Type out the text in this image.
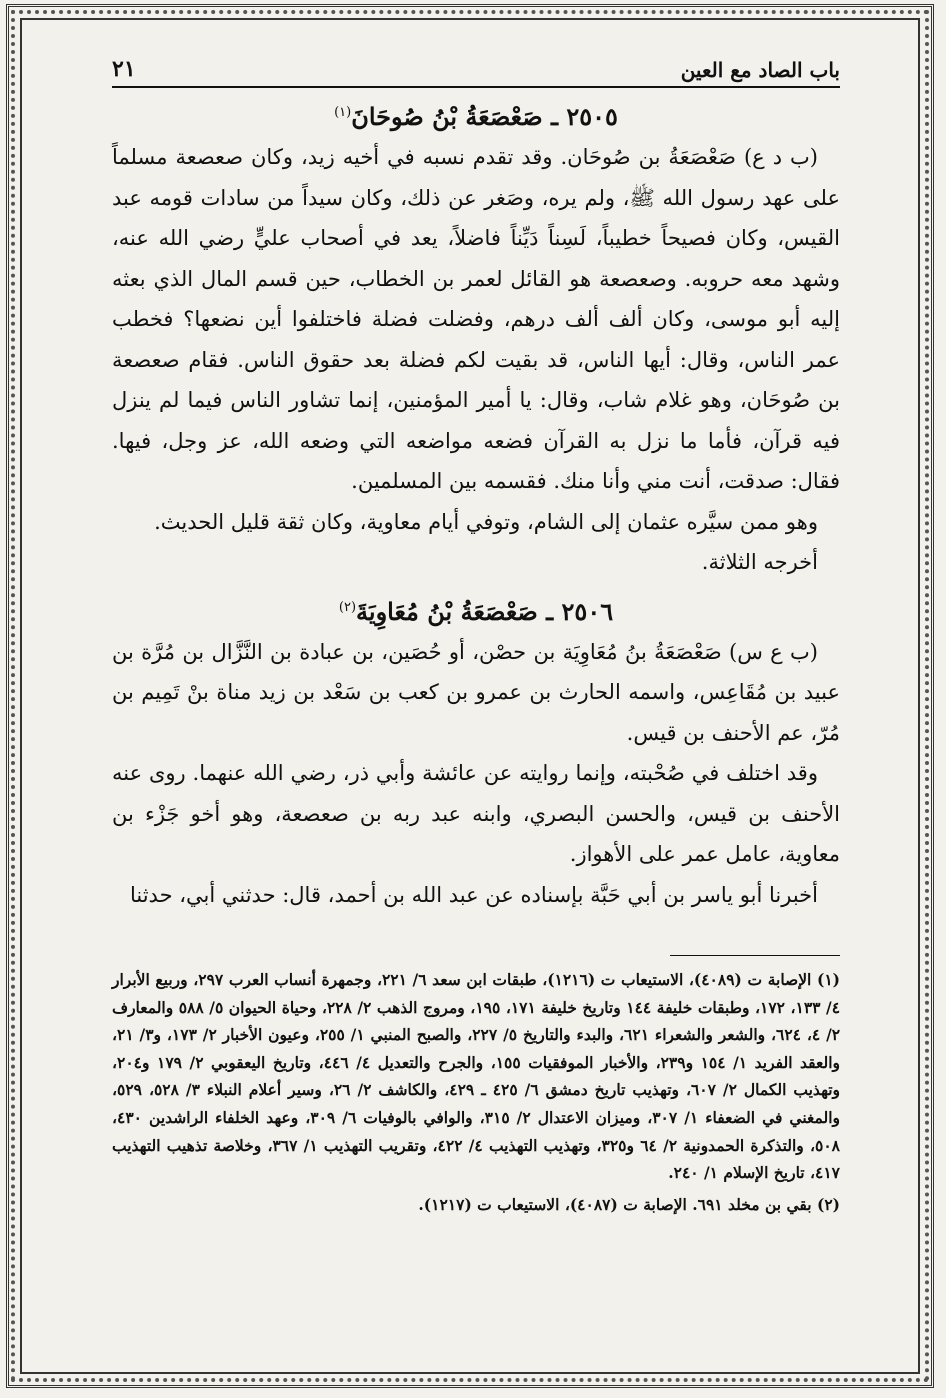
باب الصاد مع العين
٢١
٢٥٠٥ ـ صَعْصَعَةُ بْنُ صُوحَانَ$^{(١)}$

(ب د ع) صَعْصَعَةُ بن صُوحَان. وقد تقدم نسبه في أخيه زيد، وكان صعصعة مسلماً على عهد رسول الله ﷺ، ولم يره، وصَغر عن ذلك، وكان سيداً من سادات قومه عبد القيس، وكان فصيحاً خطيباً، لَسِناً دَيِّناً فاضلاً، يعد في أصحاب عليٍّ رضي الله عنه، وشهد معه حروبه. وصعصعة هو القائل لعمر بن الخطاب، حين قسم المال الذي بعثه إليه أبو موسى، وكان ألف ألف درهم، وفضلت فضلة فاختلفوا أين نضعها؟ فخطب عمر الناس، وقال: أيها الناس، قد بقيت لكم فضلة بعد حقوق الناس. فقام صعصعة بن صُوحَان، وهو غلام شاب، وقال: يا أمير المؤمنين، إنما تشاور الناس فيما لم ينزل فيه قرآن، فأما ما نزل به القرآن فضعه مواضعه التي وضعه الله، عز وجل، فيها. فقال: صدقت، أنت مني وأنا منك. فقسمه بين المسلمين.

وهو ممن سيَّره عثمان إلى الشام، وتوفي أيام معاوية، وكان ثقة قليل الحديث.

أخرجه الثلاثة.

٢٥٠٦ ـ صَعْصَعَةُ بْنُ مُعَاوِيَةَ$^{(٢)}$

(ب ع س) صَعْصَعَةُ بنُ مُعَاوِيَة بن حصْن، أو حُصَين، بن عبادة بن النَّزَّال بن مُرَّة بن عبيد بن مُقَاعِس، واسمه الحارث بن عمرو بن كعب بن سَعْد بن زيد مناة بنْ تَمِيم بن مُرّ، عم الأحنف بن قيس.

وقد اختلف في صُحْبته، وإنما روايته عن عائشة وأبي ذر، رضي الله عنهما. روى عنه الأحنف بن قيس، والحسن البصري، وابنه عبد ربه بن صعصعة، وهو أخو جَزْء بن معاوية، عامل عمر على الأهواز.

أخبرنا أبو ياسر بن أبي حَبَّة بإسناده عن عبد الله بن أحمد، قال: حدثني أبي، حدثنا

(١) الإصابة ت (٤٠٨٩)، الاستيعاب ت (١٢١٦)، طبقات ابن سعد ٦/ ٢٢١، وجمهرة أنساب العرب ٢٩٧، وربيع الأبرار ٤/ ١٣٣، ١٧٢، وطبقات خليفة ١٤٤ وتاريخ خليفة ١٧١، ١٩٥، ومروج الذهب ٢/ ٢٢٨، وحياة الحيوان ٥/ ٥٨٨ والمعارف ٢/ ٤، ٦٢٤، والشعر والشعراء ٦٢١، والبدء والتاريخ ٥/ ٢٢٧، والصبح المنبي ١/ ٢٥٥، وعيون الأخبار ٢/ ١٧٣، و٣/ ٢١، والعقد الفريد ١/ ١٥٤ و٢٣٩، والأخبار الموفقيات ١٥٥، والجرح والتعديل ٤/ ٤٤٦، وتاريخ اليعقوبي ٢/ ١٧٩ و٢٠٤، وتهذيب الكمال ٢/ ٦٠٧، وتهذيب تاريخ دمشق ٦/ ٤٢٥ ـ ٤٢٩، والكاشف ٢/ ٢٦، وسير أعلام النبلاء ٣/ ٥٢٨، ٥٢٩، والمغني في الضعفاء ١/ ٣٠٧، وميزان الاعتدال ٢/ ٣١٥، والوافي بالوفيات ٦/ ٣٠٩، وعهد الخلفاء الراشدين ٤٣٠، ٥٠٨، والتذكرة الحمدونية ٢/ ٦٤ و٣٢٥، وتهذيب التهذيب ٤/ ٤٢٢، وتقريب التهذيب ١/ ٣٦٧، وخلاصة تذهيب التهذيب ٤١٧، تاريخ الإسلام ١/ ٢٤٠.

(٢) بقي بن مخلد ٦٩١. الإصابة ت (٤٠٨٧)، الاستيعاب ت (١٢١٧).
